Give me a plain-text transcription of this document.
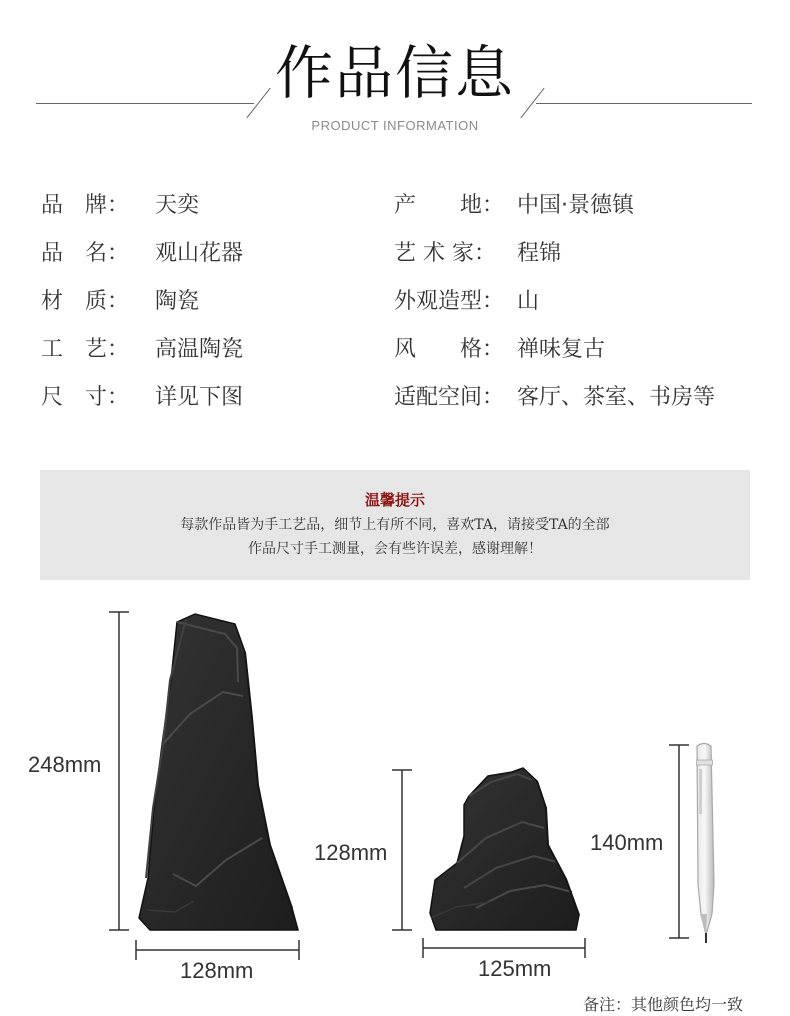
作品信息
PRODUCT INFORMATION
品　牌：	天奕	产　　地： 中国·景德镇
品　名：	观山花器	艺 术 家： 程锦
材　质：	陶瓷	外观造型： 山
工　艺：	高温陶瓷	风　　格： 禅味复古
尺　寸：	详见下图	适配空间： 客厅、茶室、书房等
温馨提示
每款作品皆为手工艺品，细节上有所不同，喜欢TA，请接受TA的全部
作品尺寸手工测量，会有些许误差，感谢理解！
248mm
128mm
128mm
125mm
140mm
备注：其他颜色均一致
